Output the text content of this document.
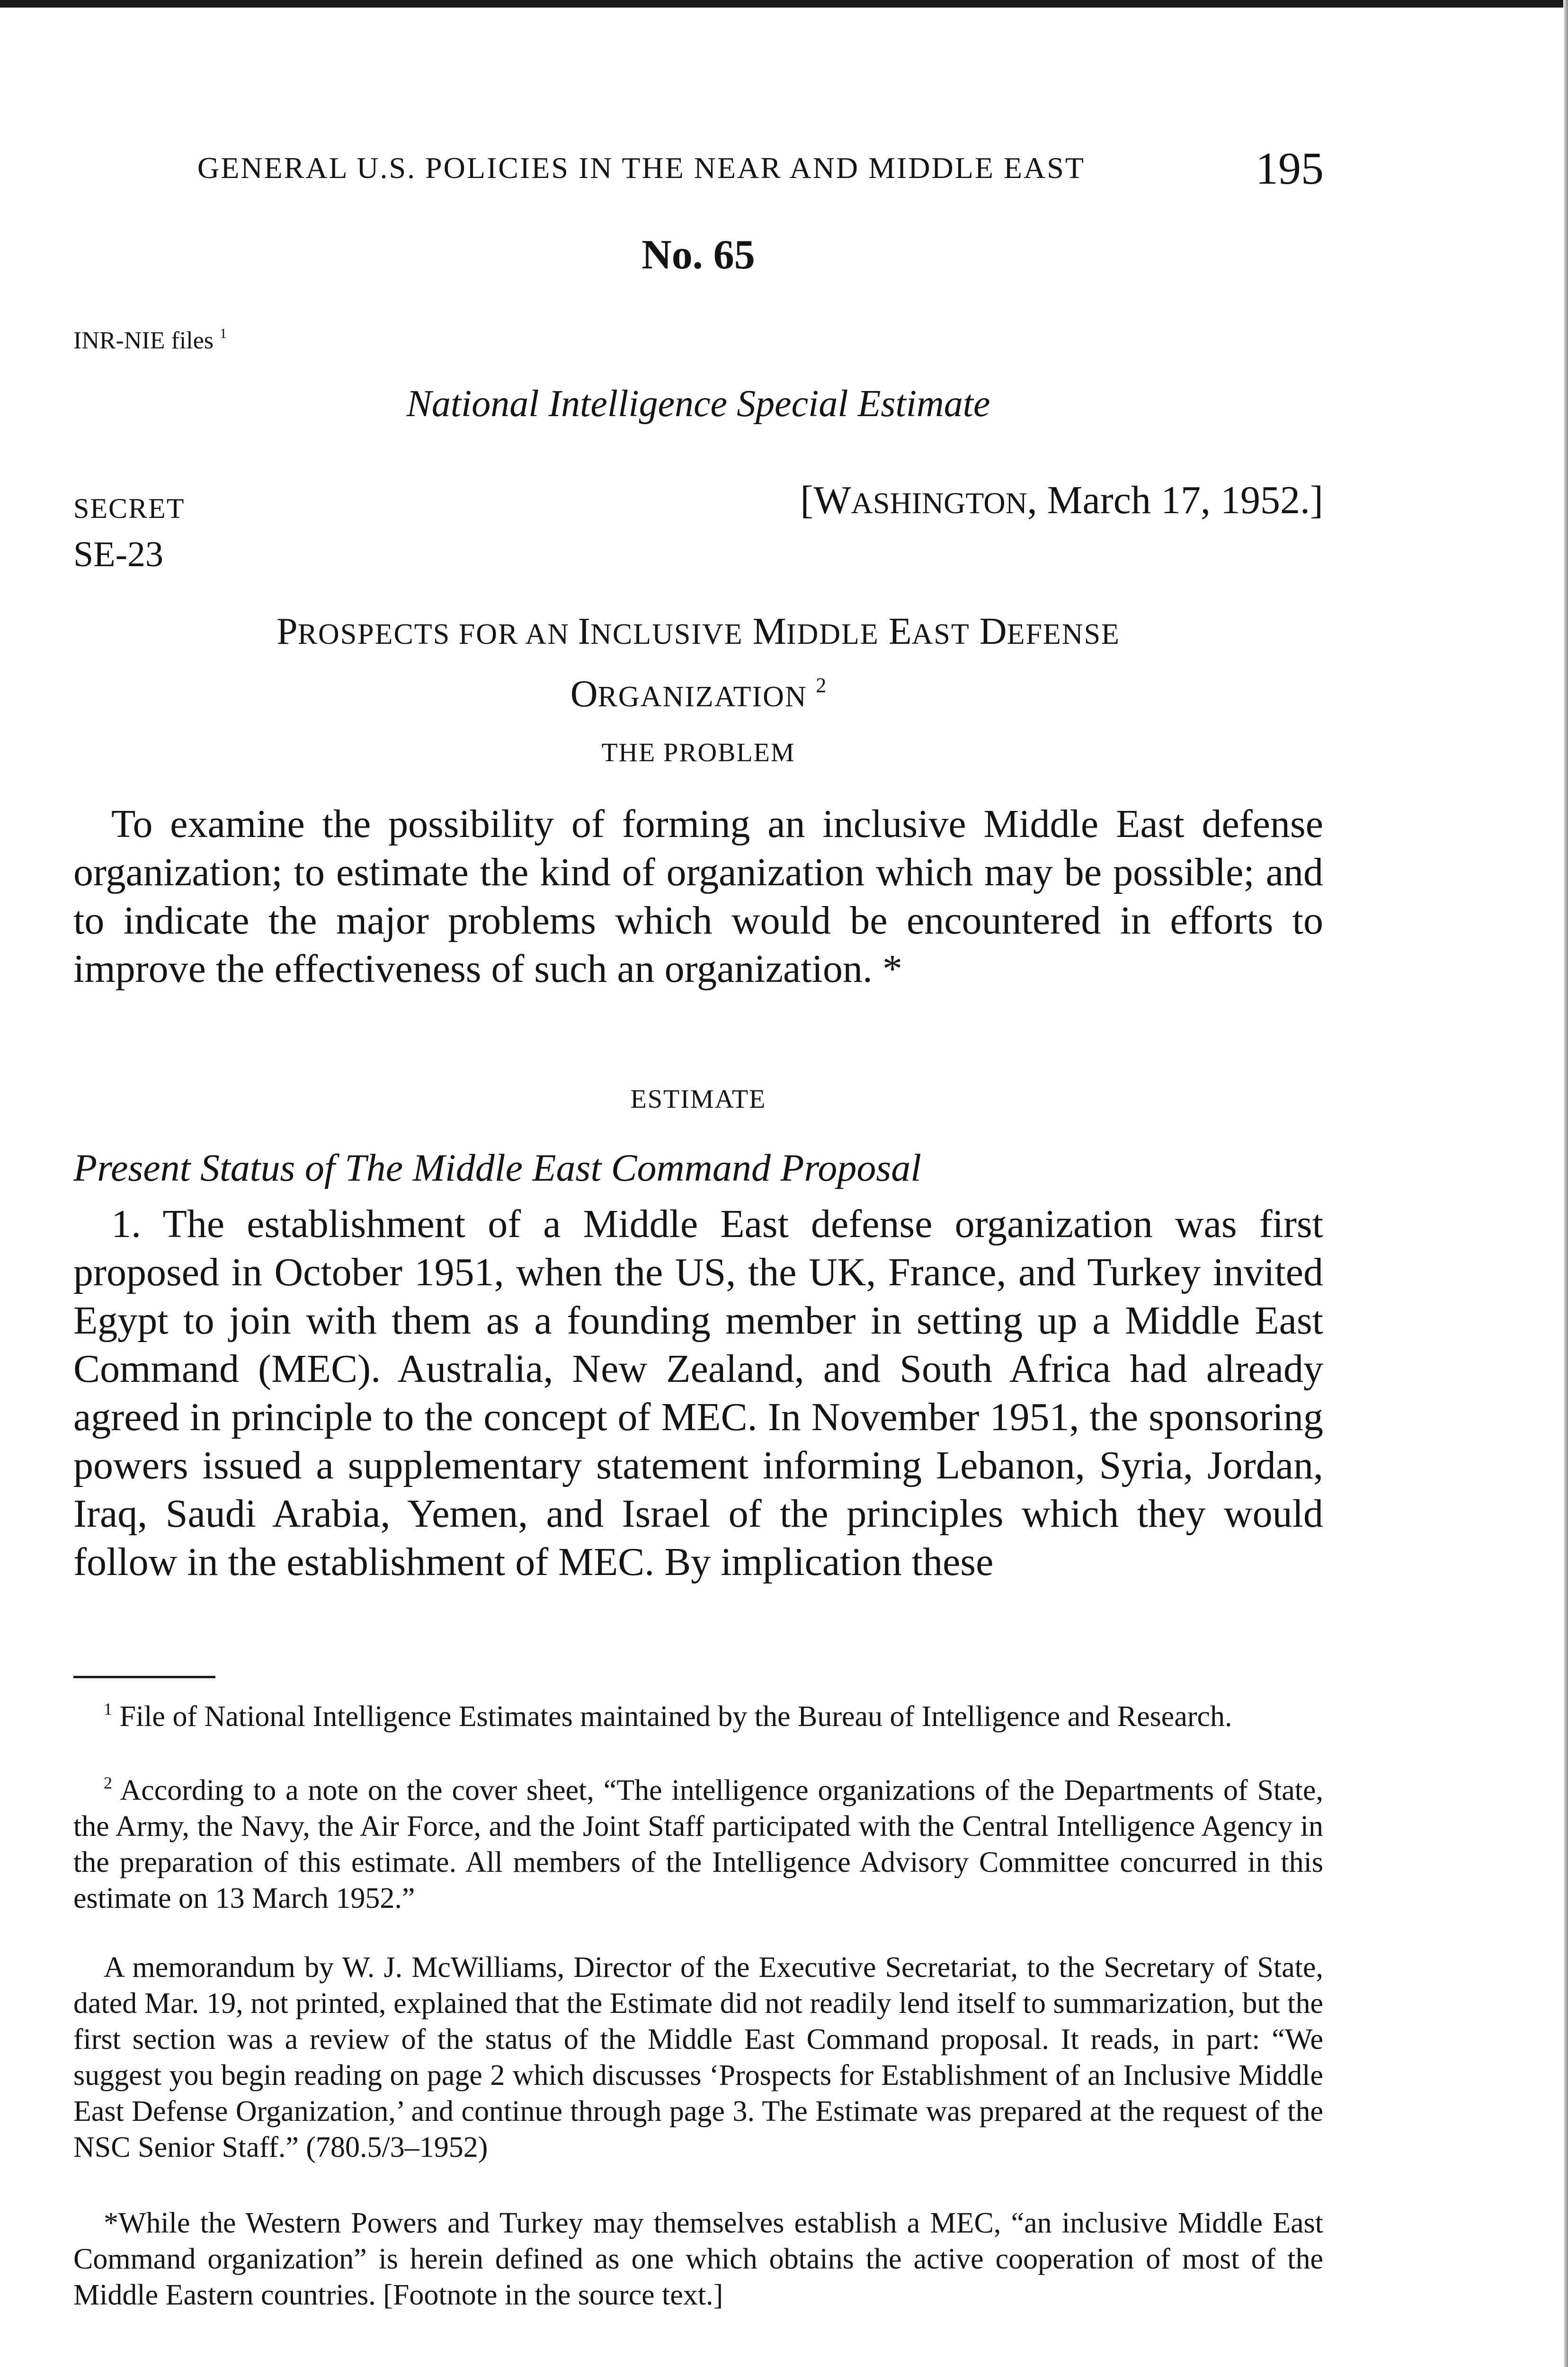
GENERAL U.S. POLICIES IN THE NEAR AND MIDDLE EAST	195
No. 65
INR-NIE files $^1$
National Intelligence Special Estimate
SECRET
SE-23
[WASHINGTON, March 17, 1952.]
PROSPECTS FOR AN INCLUSIVE MIDDLE EAST DEFENSE
ORGANIZATION $^2$
THE PROBLEM

To examine the possibility of forming an inclusive Middle East defense organization; to estimate the kind of organization which may be possible; and to indicate the major problems which would be encountered in efforts to improve the effectiveness of such an organization. *

ESTIMATE
Present Status of The Middle East Command Proposal

1. The establishment of a Middle East defense organization was first proposed in October 1951, when the US, the UK, France, and Turkey invited Egypt to join with them as a founding member in setting up a Middle East Command (MEC). Australia, New Zealand, and South Africa had already agreed in principle to the concept of MEC. In November 1951, the sponsoring powers issued a supplementary statement informing Lebanon, Syria, Jordan, Iraq, Saudi Arabia, Yemen, and Israel of the principles which they would follow in the establishment of MEC. By implication these

$^1$ File of National Intelligence Estimates maintained by the Bureau of Intelligence and Research.

$^2$ According to a note on the cover sheet, “The intelligence organizations of the Departments of State, the Army, the Navy, the Air Force, and the Joint Staff participated with the Central Intelligence Agency in the preparation of this estimate. All members of the Intelligence Advisory Committee concurred in this estimate on 13 March 1952.”

A memorandum by W. J. McWilliams, Director of the Executive Secretariat, to the Secretary of State, dated Mar. 19, not printed, explained that the Estimate did not readily lend itself to summarization, but the first section was a review of the status of the Middle East Command proposal. It reads, in part: “We suggest you begin reading on page 2 which discusses ‘Prospects for Establishment of an Inclusive Middle East Defense Organization,’ and continue through page 3. The Estimate was prepared at the request of the NSC Senior Staff.” (780.5/3–1952)

*While the Western Powers and Turkey may themselves establish a MEC, “an inclusive Middle East Command organization” is herein defined as one which obtains the active cooperation of most of the Middle Eastern countries. [Footnote in the source text.]
